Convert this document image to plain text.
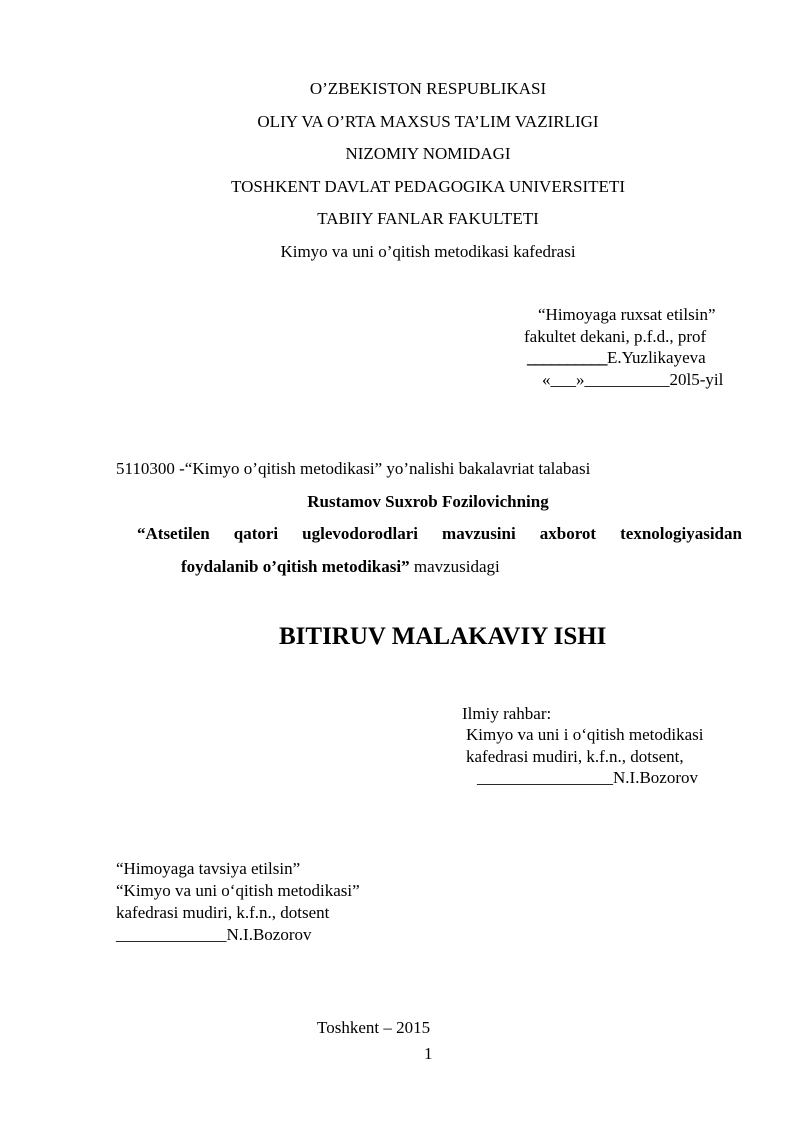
O’ZBEKISTON RESPUBLIKASI
OLIY VA O’RTA MAXSUS TA’LIM VAZIRLIGI
NIZOMIY NOMIDAGI
TOSHKENT DAVLAT PEDAGOGIKA UNIVERSITETI
TABIIY FANLAR FAKULTETI
Kimyo va uni o’qitish metodikasi kafedrasi
“Himoyaga ruxsat etilsin”
fakultet dekani, p.f.d., prof
__________E.Yuzlikayeva
«___»__________20l5-yil
5110300 -“Kimyo o’qitish metodikasi” yo’nalishi bakalavriat talabasi
Rustamov Suxrob Fozilovichning
“Atsetilen qatori uglevodorodlari mavzusini axborot texnologiyasidan
foydalanib o’qitish metodikasi” mavzusidagi
BITIRUV MALAKAVIY ISHI
Ilmiy rahbar:
Kimyo va uni i o‘qitish metodikasi
kafedrasi mudiri, k.f.n., dotsent,
________________N.I.Bozorov
“Himoyaga tavsiya etilsin”
“Kimyo va uni o‘qitish metodikasi”
kafedrasi mudiri, k.f.n., dotsent
_____________N.I.Bozorov
Toshkent – 2015
1
